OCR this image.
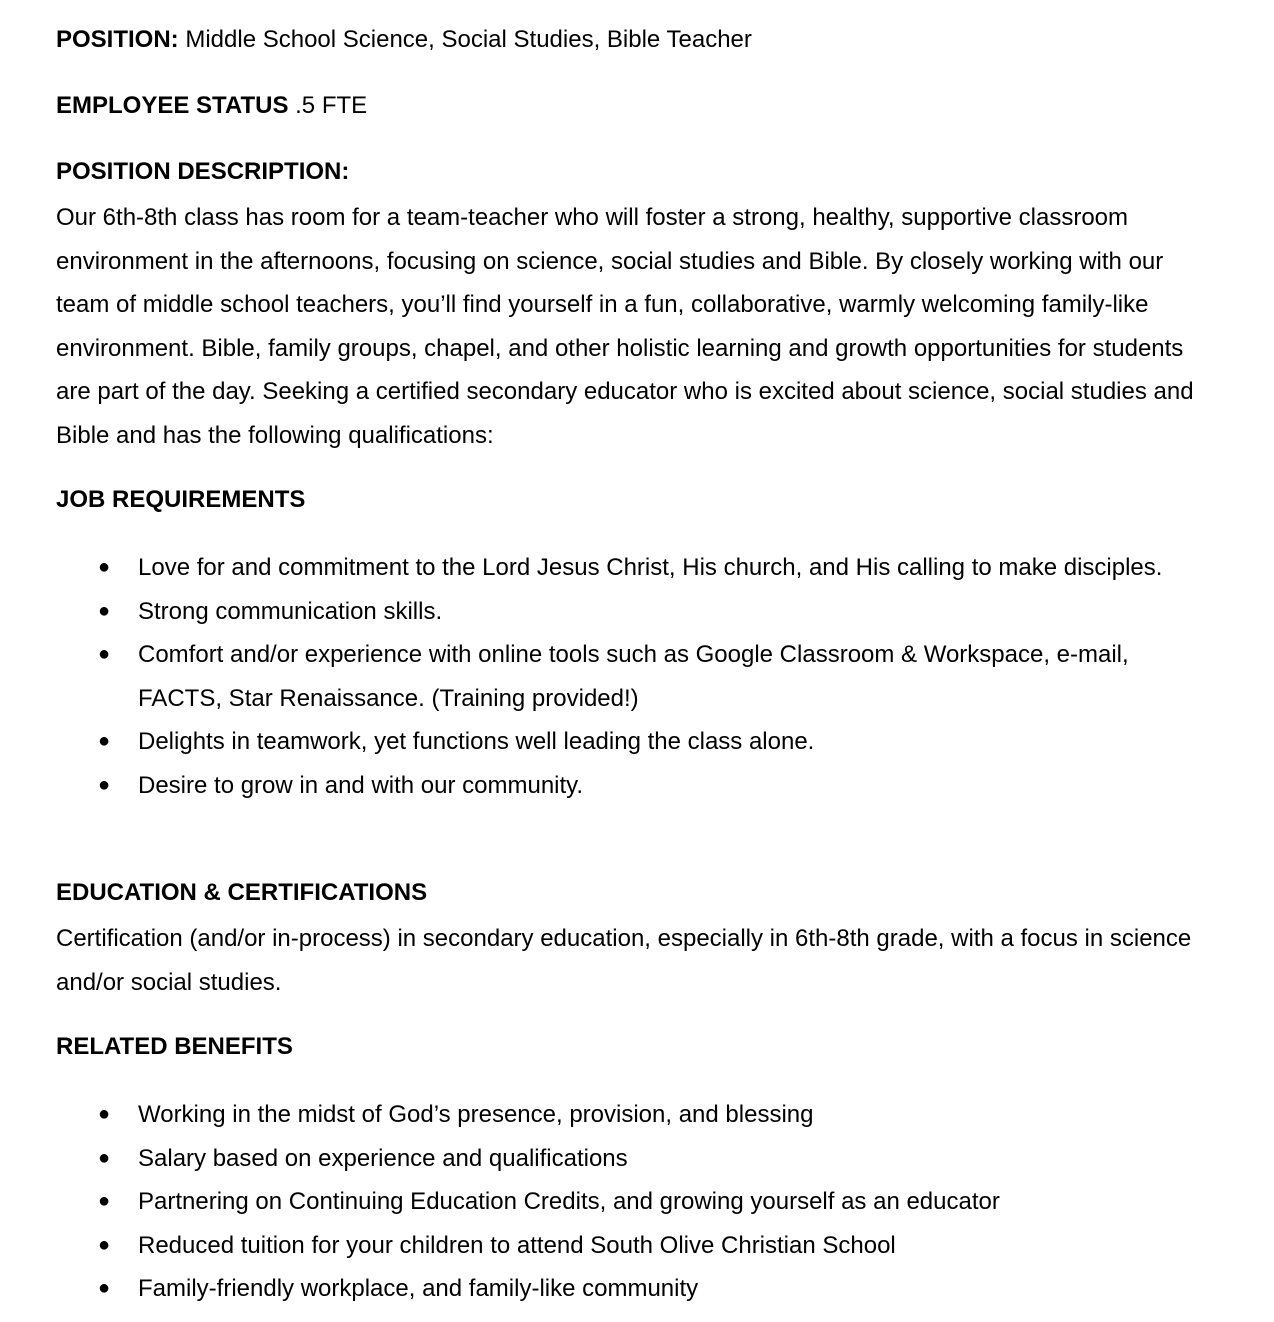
POSITION: Middle School Science, Social Studies, Bible Teacher
EMPLOYEE STATUS .5 FTE
POSITION DESCRIPTION:
Our 6th-8th class has room for a team-teacher who will foster a strong, healthy, supportive classroom environment in the afternoons, focusing on science, social studies and Bible. By closely working with our team of middle school teachers, you’ll find yourself in a fun, collaborative, warmly welcoming family-like environment. Bible, family groups, chapel, and other holistic learning and growth opportunities for students are part of the day. Seeking a certified secondary educator who is excited about science, social studies and Bible and has the following qualifications:
JOB REQUIREMENTS
● Love for and commitment to the Lord Jesus Christ, His church, and His calling to make disciples.
● Strong communication skills.
● Comfort and/or experience with online tools such as Google Classroom & Workspace, e-mail, FACTS, Star Renaissance. (Training provided!)
● Delights in teamwork, yet functions well leading the class alone.
● Desire to grow in and with our community.
EDUCATION & CERTIFICATIONS
Certification (and/or in-process) in secondary education, especially in 6th-8th grade, with a focus in science and/or social studies.
RELATED BENEFITS
● Working in the midst of God’s presence, provision, and blessing
● Salary based on experience and qualifications
● Partnering on Continuing Education Credits, and growing yourself as an educator
● Reduced tuition for your children to attend South Olive Christian School
● Family-friendly workplace, and family-like community
